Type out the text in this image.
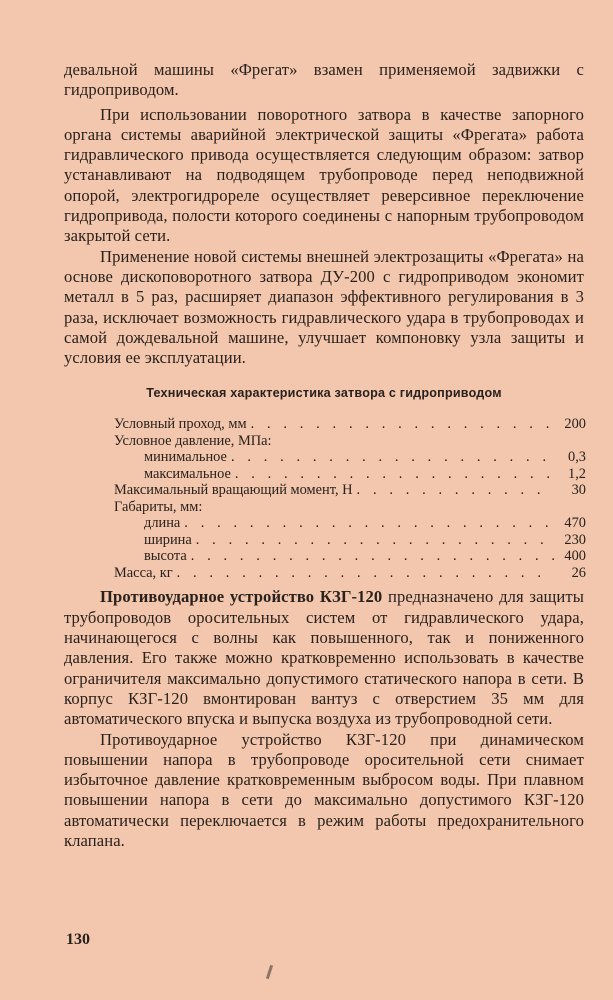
девальной машины «Фрегат» взамен применяемой задвижки с гидроприводом.

При использовании поворотного затвора в качестве запорного органа системы аварийной электрической защиты «Фрегата» работа гидравлического привода осуществляется следующим образом: затвор устанавливают на подводящем трубопроводе перед неподвижной опорой, электрогидрореле осуществляет реверсивное переключение гидропривода, полости которого соединены с напорным трубопроводом закрытой сети.

Применение новой системы внешней электрозащиты «Фрегата» на основе дископоворотного затвора ДУ-200 с гидроприводом экономит металл в 5 раз, расширяет диапазон эффективного регулирования в 3 раза, исключает возможность гидравлического удара в трубопроводах и самой дождевальной машине, улучшает компоновку узла защиты и условия ее эксплуатации.

Техническая характеристика затвора с гидроприводом
Условный проход, мм . . .	200
Условное давление, МПа:
минимальное . . .	0,3
максимальное . . .	1,2
Максимальный вращающий момент, Н . . .	30
Габариты, мм:
длина . . .	470
ширина . . .	230
высота . . .	400
Масса, кг . . .	26

Противоударное устройство КЗГ-120 предназначено для защиты трубопроводов оросительных систем от гидравлического удара, начинающегося с волны как повышенного, так и пониженного давления. Его также можно кратковременно использовать в качестве ограничителя максимально допустимого статического напора в сети. В корпус КЗГ-120 вмонтирован вантуз с отверстием 35 мм для автоматического впуска и выпуска воздуха из трубопроводной сети.

Противоударное устройство КЗГ-120 при динамическом повышении напора в трубопроводе оросительной сети снимает избыточное давление кратковременным выбросом воды. При плавном повышении напора в сети до максимально допустимого КЗГ-120 автоматически переключается в режим работы предохранительного клапана.

130
